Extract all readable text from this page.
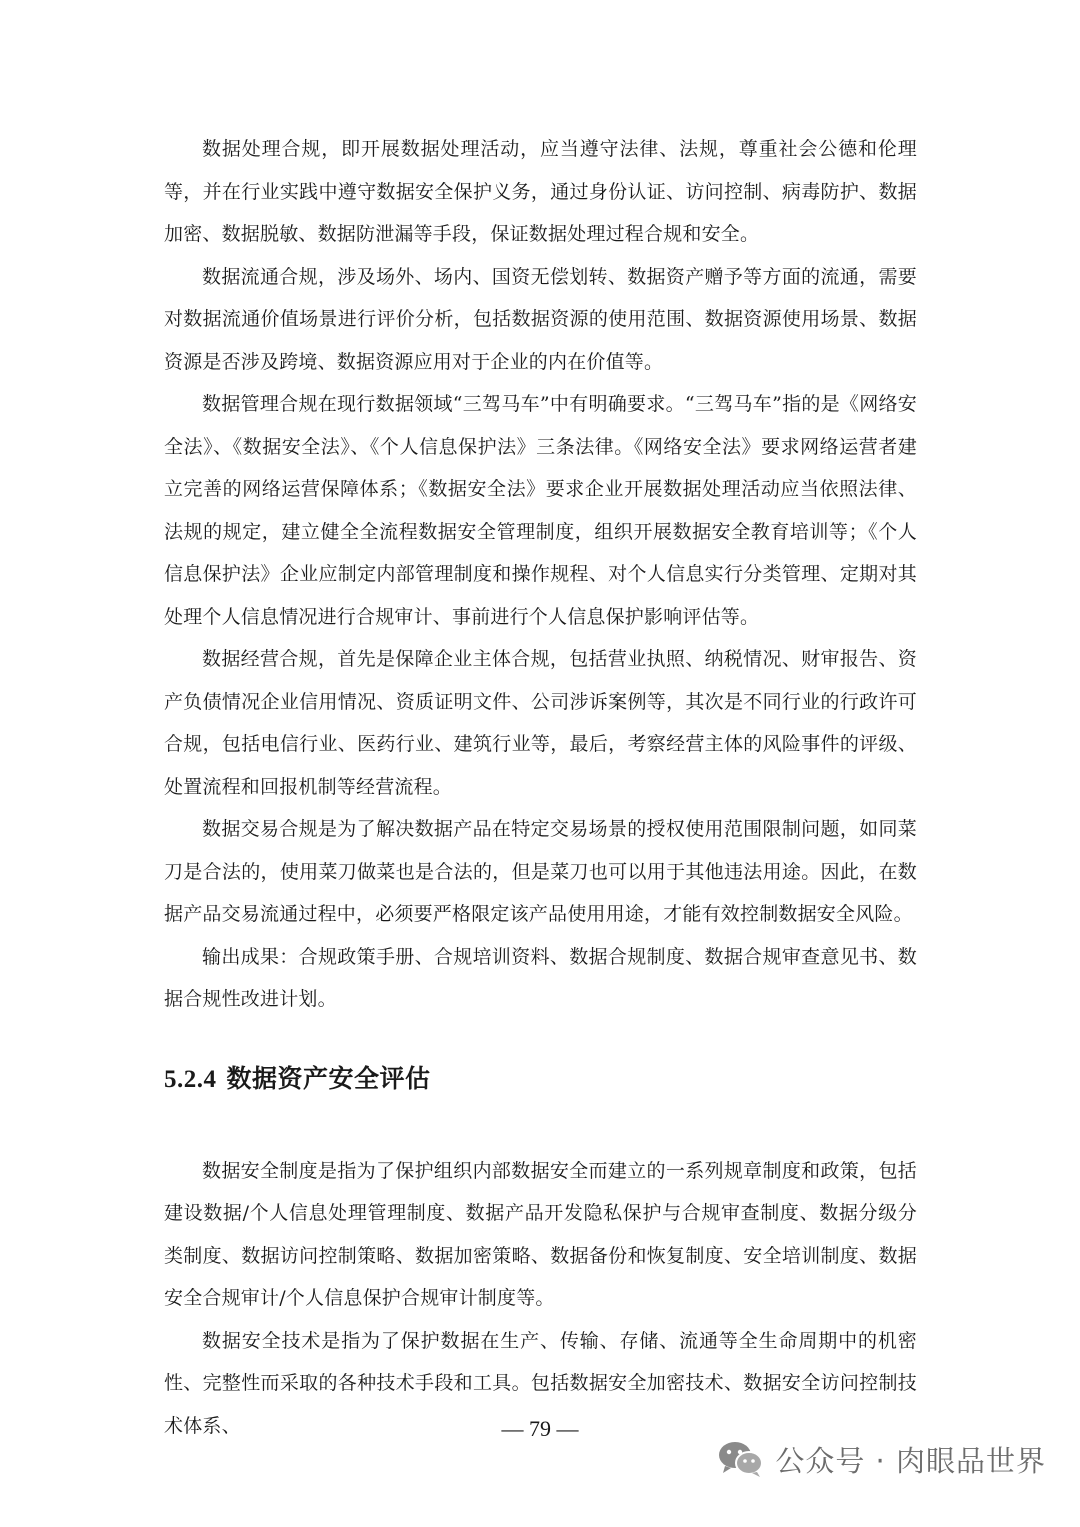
数据处理合规，即开展数据处理活动，应当遵守法律、法规，尊重社会公德和伦理等，并在行业实践中遵守数据安全保护义务，通过身份认证、访问控制、病毒防护、数据加密、数据脱敏、数据防泄漏等手段，保证数据处理过程合规和安全。

数据流通合规，涉及场外、场内、国资无偿划转、数据资产赠予等方面的流通，需要对数据流通价值场景进行评价分析，包括数据资源的使用范围、数据资源使用场景、数据资源是否涉及跨境、数据资源应用对于企业的内在价值等。

数据管理合规在现行数据领域“三驾马车”中有明确要求。“三驾马车”指的是《网络安全法》、《数据安全法》、《个人信息保护法》三条法律。《网络安全法》要求网络运营者建立完善的网络运营保障体系；《数据安全法》要求企业开展数据处理活动应当依照法律、法规的规定，建立健全全流程数据安全管理制度，组织开展数据安全教育培训等；《个人信息保护法》企业应制定内部管理制度和操作规程、对个人信息实行分类管理、定期对其处理个人信息情况进行合规审计、事前进行个人信息保护影响评估等。

数据经营合规，首先是保障企业主体合规，包括营业执照、纳税情况、财审报告、资产负债情况企业信用情况、资质证明文件、公司涉诉案例等，其次是不同行业的行政许可合规，包括电信行业、医药行业、建筑行业等，最后，考察经营主体的风险事件的评级、处置流程和回报机制等经营流程。

数据交易合规是为了解决数据产品在特定交易场景的授权使用范围限制问题，如同菜刀是合法的，使用菜刀做菜也是合法的，但是菜刀也可以用于其他违法用途。因此，在数据产品交易流通过程中，必须要严格限定该产品使用用途，才能有效控制数据安全风险。

输出成果：合规政策手册、合规培训资料、数据合规制度、数据合规审查意见书、数据合规性改进计划。

5.2.4 数据资产安全评估

数据安全制度是指为了保护组织内部数据安全而建立的一系列规章制度和政策，包括建设数据/个人信息处理管理制度、数据产品开发隐私保护与合规审查制度、数据分级分类制度、数据访问控制策略、数据加密策略、数据备份和恢复制度、安全培训制度、数据安全合规审计/个人信息保护合规审计制度等。

数据安全技术是指为了保护数据在生产、传输、存储、流通等全生命周期中的机密性、完整性而采取的各种技术手段和工具。包括数据安全加密技术、数据安全访问控制技术体系、	— 79 —
公众号 · 肉眼品世界
